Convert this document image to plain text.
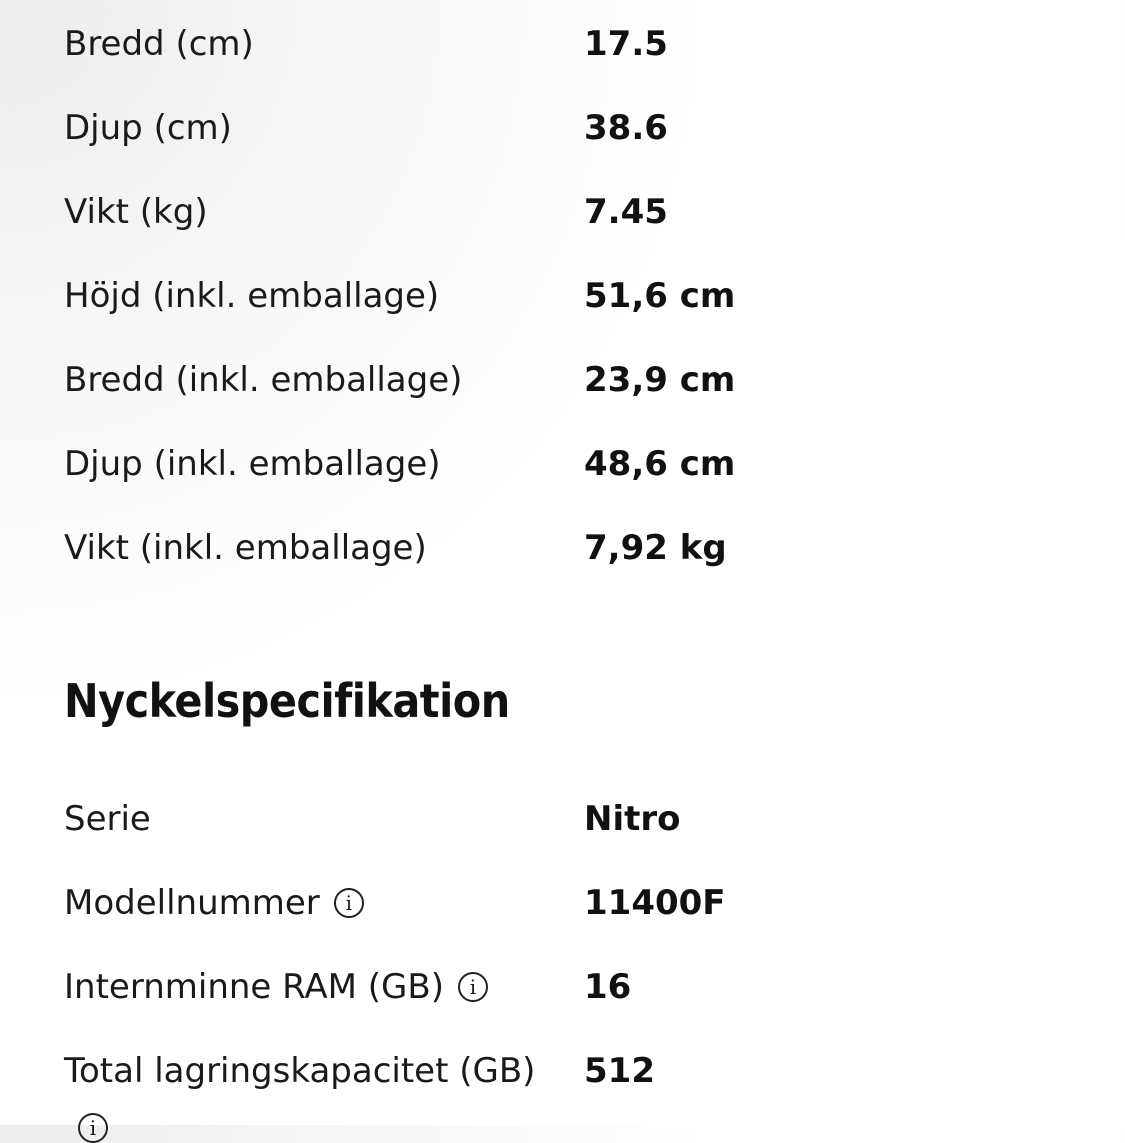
Bredd (cm)	17.5
Djup (cm)	38.6
Vikt (kg)	7.45
Höjd (inkl. emballage)	51,6 cm
Bredd (inkl. emballage)	23,9 cm
Djup (inkl. emballage)	48,6 cm
Vikt (inkl. emballage)	7,92 kg
Nyckelspecifikation
Serie	Nitro
Modellnummer	i	11400F
Internminne RAM (GB)	i	16
Total lagringskapacitet (GB) 512
i
